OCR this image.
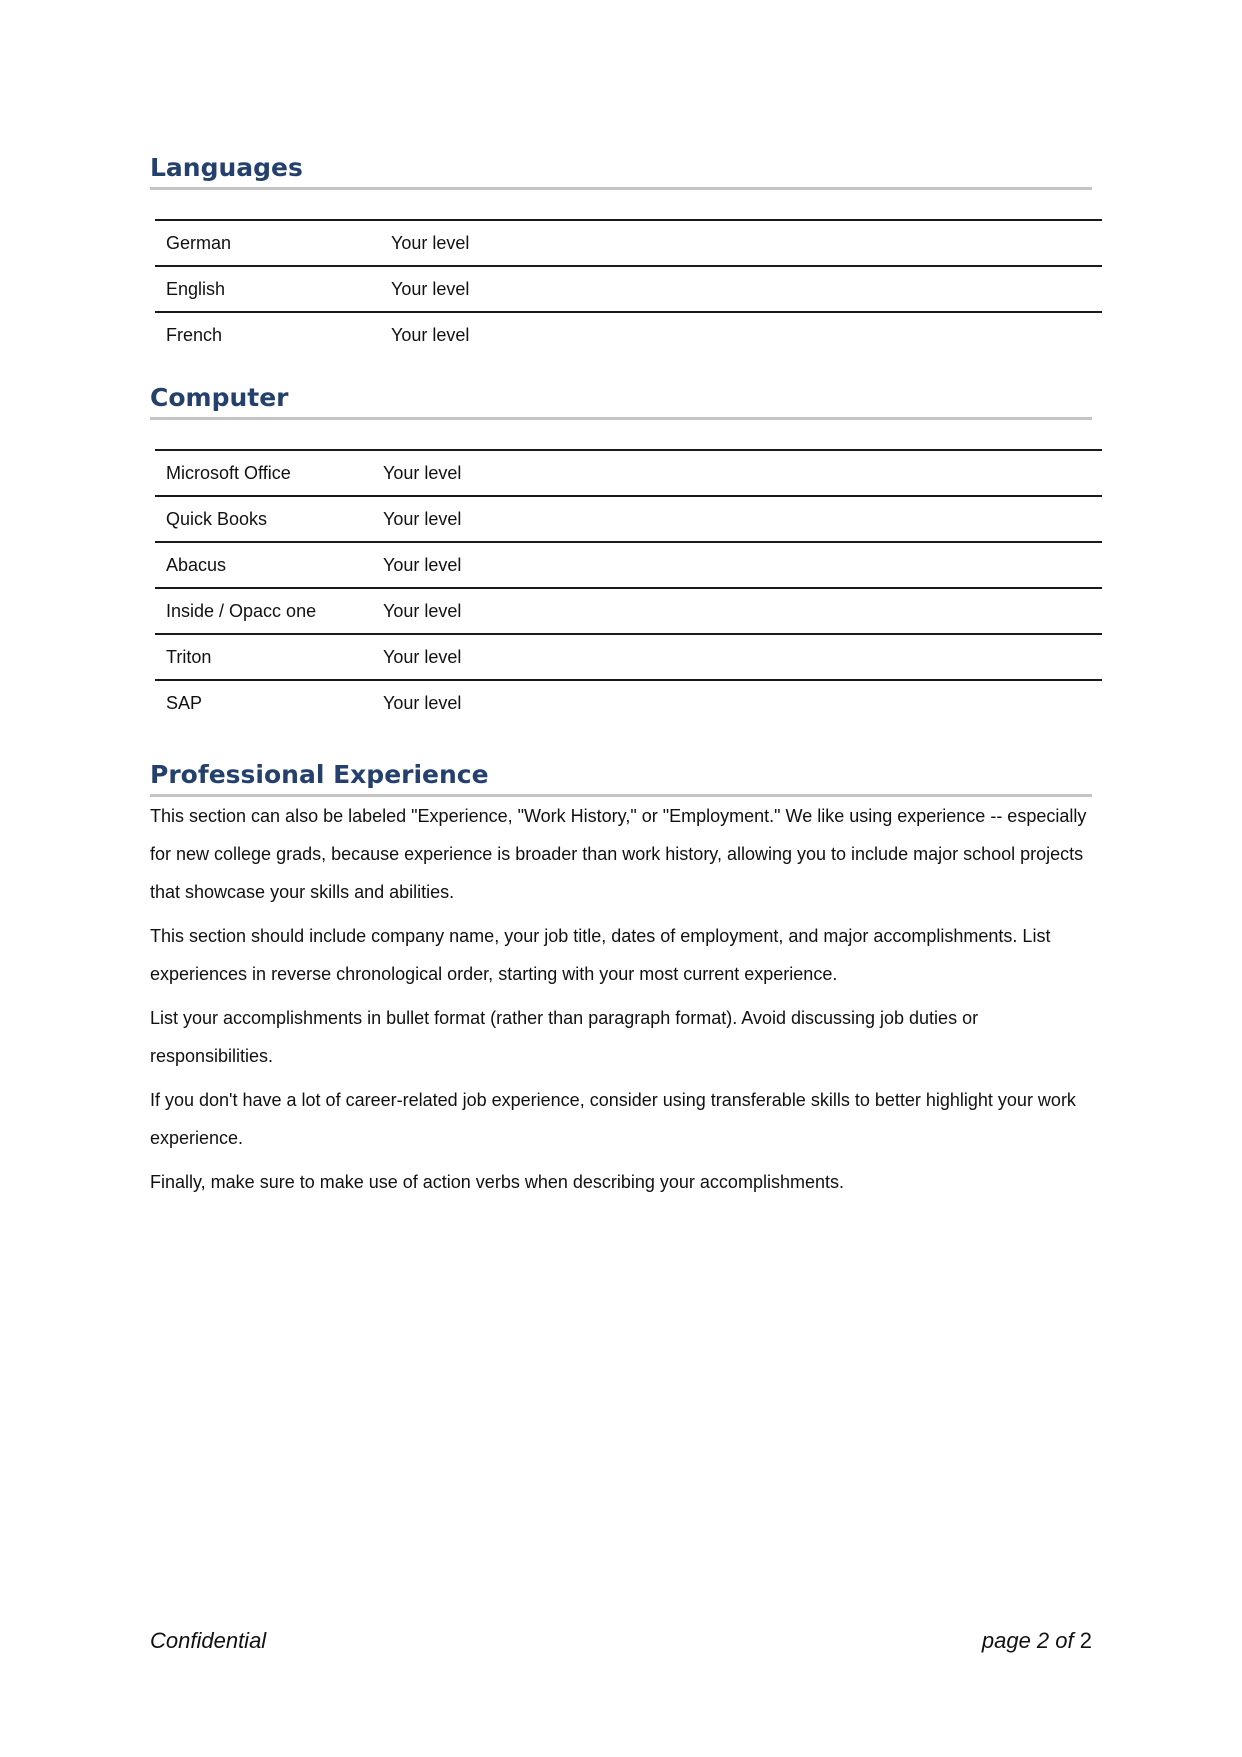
Languages
German	Your level
English	Your level
French	Your level
Computer
Microsoft Office	Your level
Quick Books	Your level
Abacus	Your level
Inside / Opacc one	Your level
Triton	Your level
SAP	Your level
Professional Experience

This section can also be labeled "Experience, "Work History," or "Employment." We like using experience -- especially for new college grads, because experience is broader than work history, allowing you to include major school projects that showcase your skills and abilities.

This section should include company name, your job title, dates of employment, and major accomplishments. List experiences in reverse chronological order, starting with your most current experience.

List your accomplishments in bullet format (rather than paragraph format). Avoid discussing job duties or responsibilities.

If you don't have a lot of career-related job experience, consider using transferable skills to better highlight your work experience.

Finally, make sure to make use of action verbs when describing your accomplishments.

Confidential	page 2 of 2
